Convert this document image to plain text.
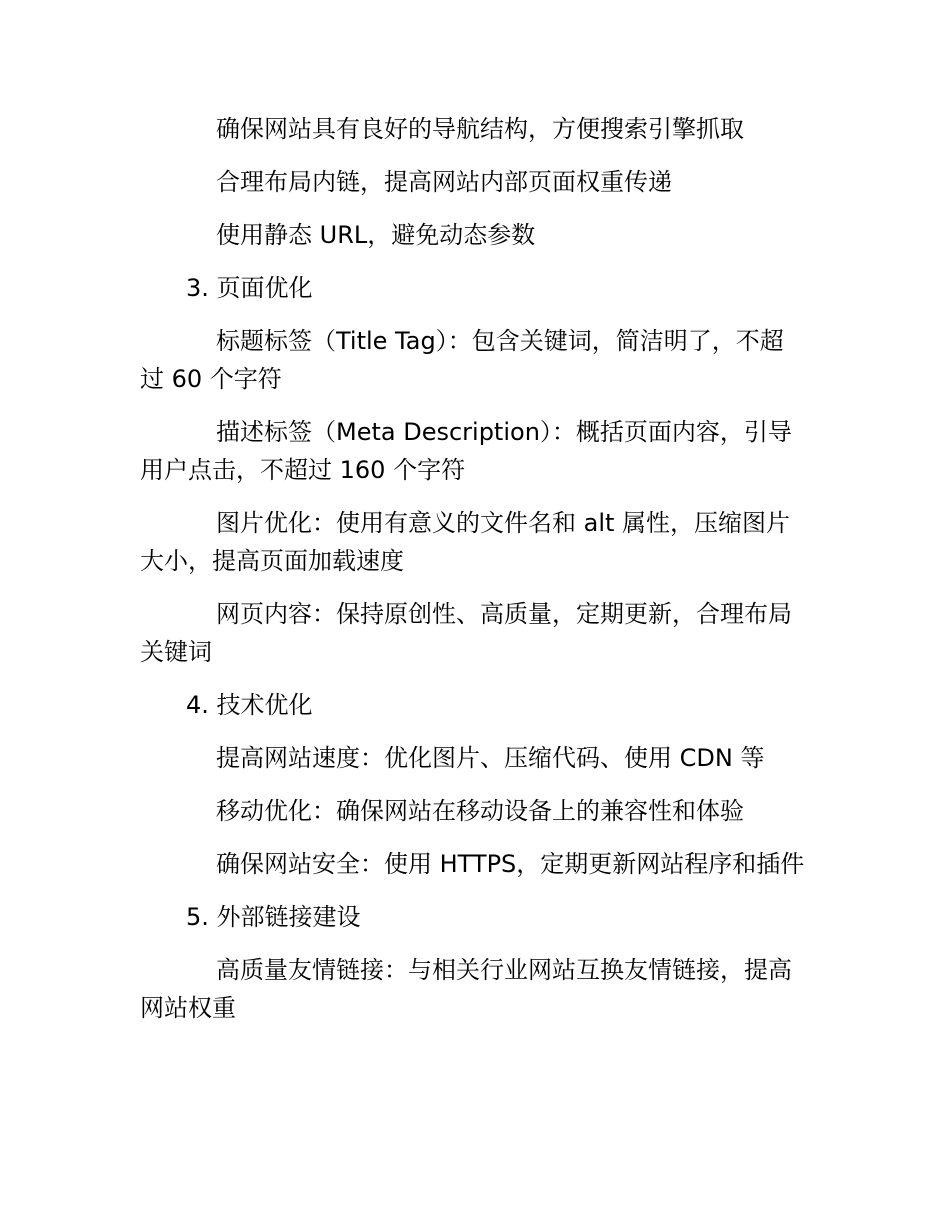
确保网站具有良好的导航结构，方便搜索引擎抓取

合理布局内链，提高网站内部页面权重传递

使用静态 URL，避免动态参数

3. 页面优化

标题标签（Title Tag）：包含关键词，简洁明了，不超过 60 个字符

描述标签（Meta Description）：概括页面内容，引导用户点击，不超过 160 个字符

图片优化：使用有意义的文件名和 alt 属性，压缩图片大小，提高页面加载速度

网页内容：保持原创性、高质量，定期更新，合理布局关键词

4. 技术优化

提高网站速度：优化图片、压缩代码、使用 CDN 等

移动优化：确保网站在移动设备上的兼容性和体验

确保网站安全：使用 HTTPS，定期更新网站程序和插件

5. 外部链接建设

高质量友情链接：与相关行业网站互换友情链接，提高网站权重
